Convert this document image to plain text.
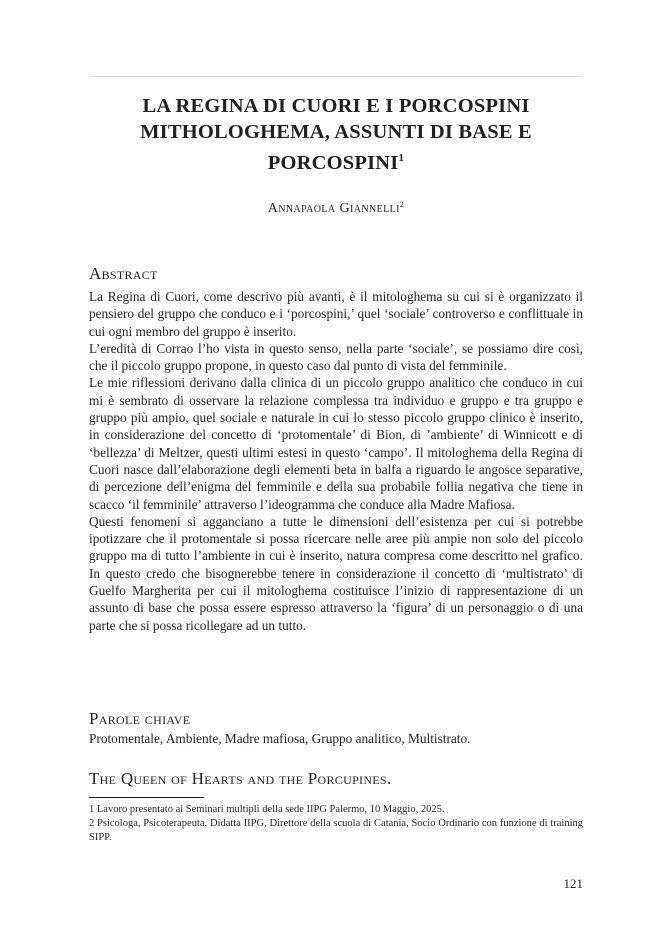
LA REGINA DI CUORI E I PORCOSPINI
MITHOLOGHEMA, ASSUNTI DI BASE E
PORCOSPINI$^1$
Annapaola Giannelli$^2$
Abstract

La Regina di Cuori, come descrivo più avanti, è il mitologhema su cui si è organizzato il pensiero del gruppo che conduco e i ‘porcospini,’ quel ‘sociale’ controverso e conflittuale in cui ogni membro del gruppo è inserito.

L’eredità di Corrao l’ho vista in questo senso, nella parte ‘sociale’, se possiamo dire così, che il piccolo gruppo propone, in questo caso dal punto di vista del femminile.

Le mie riflessioni derivano dalla clinica di un piccolo gruppo analitico che conduco in cui mi è sembrato di osservare la relazione complessa tra individuo e gruppo e tra gruppo e gruppo più ampio, quel sociale e naturale in cui lo stesso piccolo gruppo clinico è inserito, in considerazione del concetto di ‘protomentale’ di Bion, di ’ambiente’ di Winnicott e di ‘bellezza’ di Meltzer, questi ultimi estesi in questo ‘campo’. Il mitologhema della Regina di Cuori nasce dall’elaborazione degli elementi beta in balfa a riguardo le angosce separative, di percezione dell’enigma del femminile e della sua probabile follia negativa che tiene in scacco ‘il femminile’ attraverso l’ideogramma che conduce alla Madre Mafiosa.

Questi fenomeni si agganciano a tutte le dimensioni dell’esistenza per cui si potrebbe ipotizzare che il protomentale si possa ricercare nelle aree più ampie non solo del piccolo gruppo ma di tutto l’ambiente in cui è inserito, natura compresa come descritto nel grafico. In questo credo che bisognerebbe tenere in considerazione il concetto di ‘multistrato’ di Guelfo Margherita per cui il mitologhema costituisce l’inizio di rappresentazione di un assunto di base che possa essere espresso attraverso la ‘figura’ di un personaggio o di una parte che si possa ricollegare ad un tutto.

Parole chiave
Protomentale, Ambiente, Madre mafiosa, Gruppo analitico, Multistrato.
The Queen of Hearts and the Porcupines.

1 Lavoro presentato ai Seminari multipli della sede IIPG Palermo, 10 Maggio, 2025.

2 Psicologa, Psicoterapeuta, Didatta IIPG, Direttore della scuola di Catania, Socio Ordinario con funzione di training SIPP.

121
